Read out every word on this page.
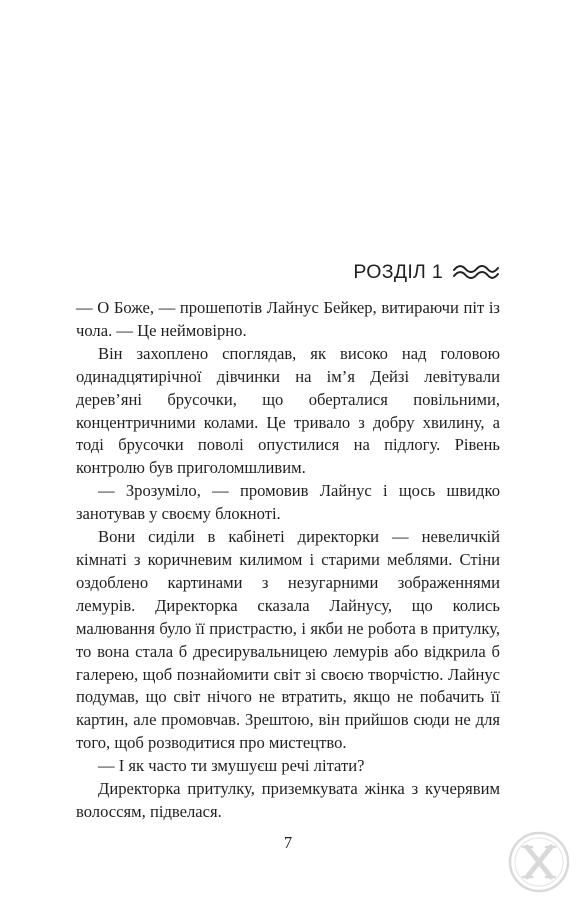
РОЗДІЛ 1

— О Боже, — прошепотів Лайнус Бейкер, витираючи піт із чола. — Це неймовірно.

Він захоплено споглядав, як високо над головою одинадцятирічної дівчинки на ім’я Дейзі левітували дерев’яні брусочки, що оберталися повільними, концентричними колами. Це тривало з добру хвилину, а тоді брусочки поволі опустилися на підлогу. Рівень контролю був приголомшливим.

— Зрозуміло, — промовив Лайнус і щось швидко занотував у своєму блокноті.

Вони сиділи в кабінеті директорки — невеличкій кімнаті з коричневим килимом і старими меблями. Стіни оздоблено картинами з незугарними зображеннями лемурів. Директорка сказала Лайнусу, що колись малювання було її пристрастю, і якби не робота в притулку, то вона стала б дресирувальницею лемурів або відкрила б галерею, щоб познайомити світ зі своєю творчістю. Лайнус подумав, що світ нічого не втратить, якщо не побачить її картин, але промовчав. Зрештою, він прийшов сюди не для того, щоб розводитися про мистецтво.

— І як часто ти змушуєш речі літати?

Директорка притулку, приземкувата жінка з кучерявим волоссям, підвелася.

7
